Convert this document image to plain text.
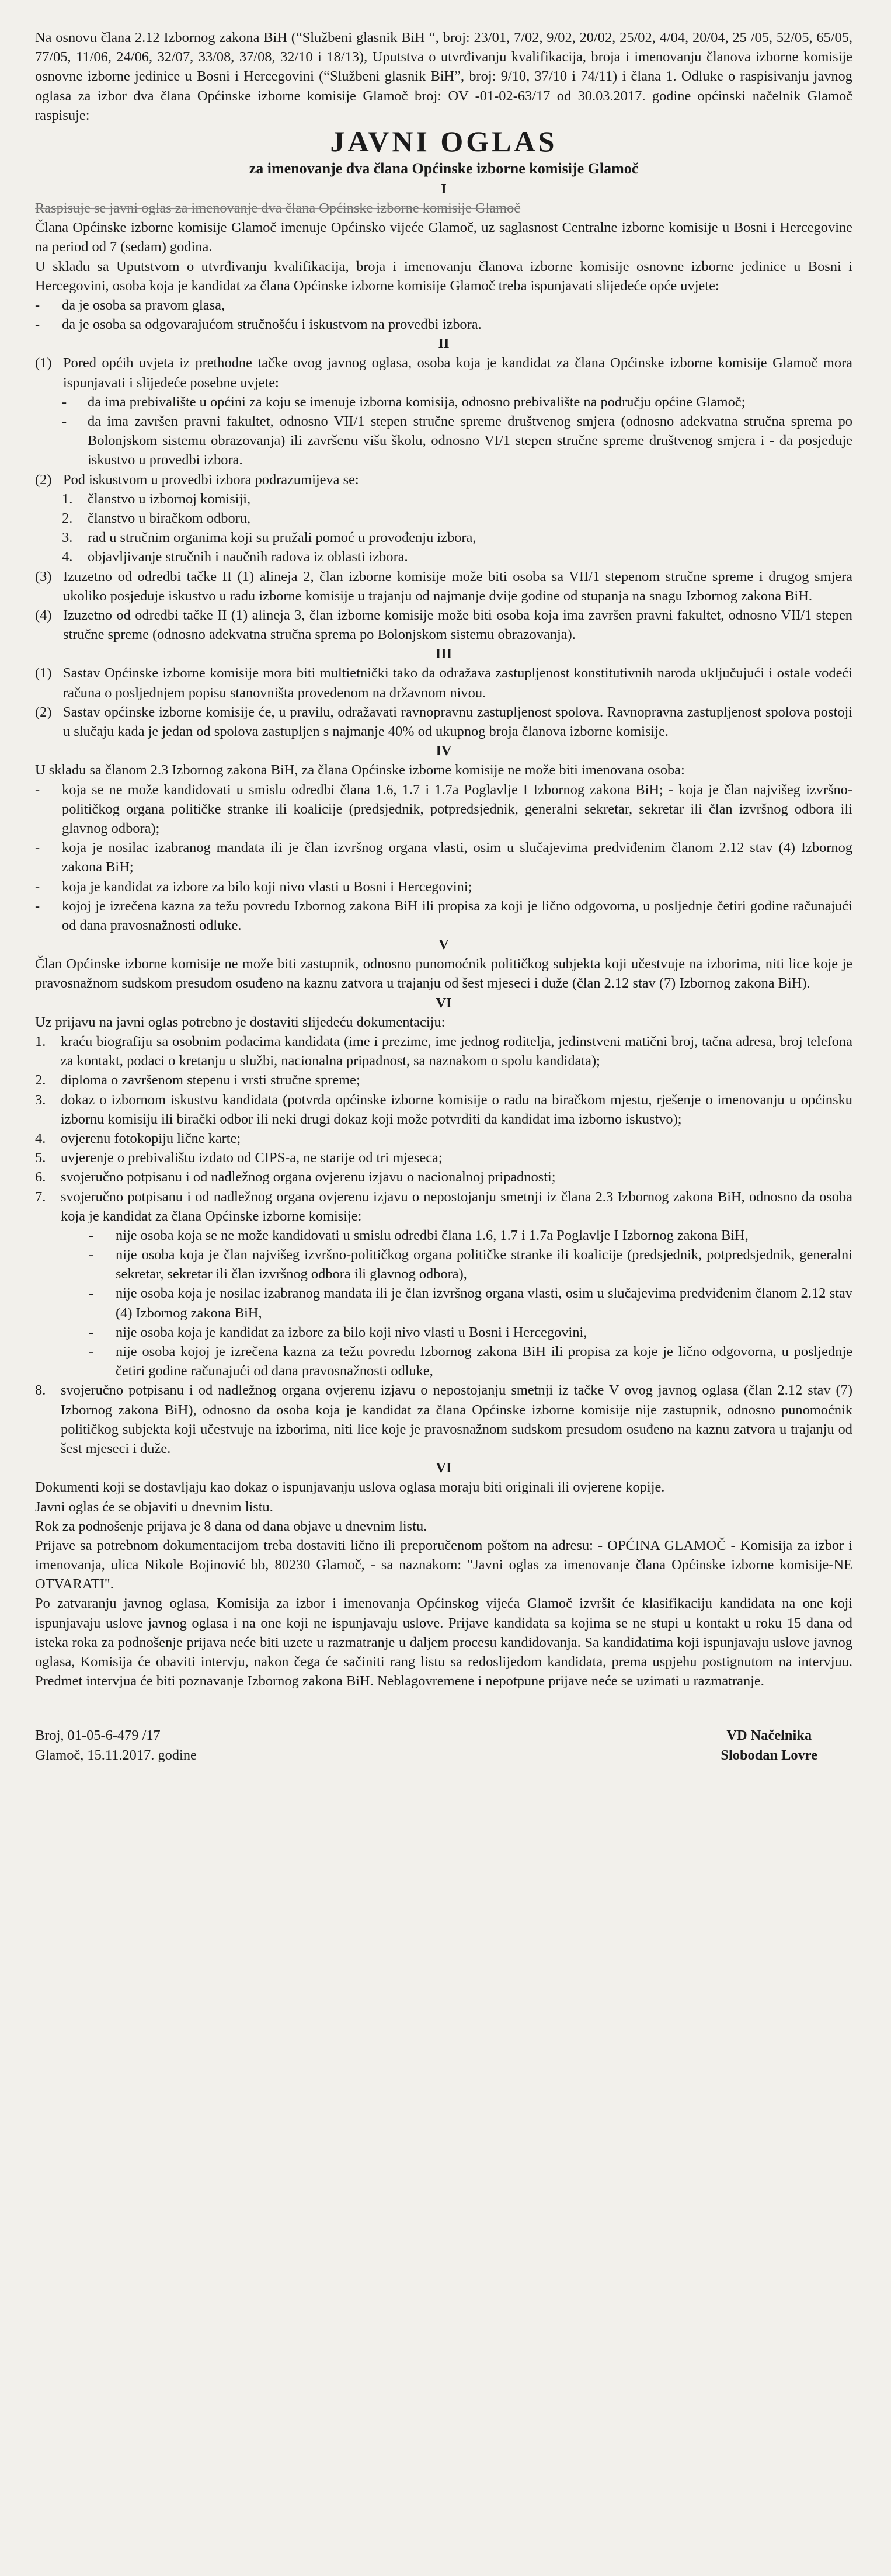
Na osnovu člana 2.12 Izbornog zakona BiH (“Službeni glasnik BiH “, broj: 23/01, 7/02, 9/02, 20/02, 25/02, 4/04, 20/04, 25 /05, 52/05, 65/05, 77/05, 11/06, 24/06, 32/07, 33/08, 37/08, 32/10 i 18/13), Uputstva o utvrđivanju kvalifikacija, broja i imenovanju članova izborne komisije osnovne izborne jedinice u Bosni i Hercegovini (“Službeni glasnik BiH”, broj: 9/10, 37/10 i 74/11) i člana 1. Odluke o raspisivanju javnog oglasa za izbor dva člana Općinske izborne komisije Glamoč broj: OV -01-02-63/17 od 30.03.2017. godine općinski načelnik Glamoč raspisuje:

JAVNI OGLAS

za imenovanje dva člana Općinske izborne komisije Glamoč

I

Raspisuje se javni oglas za imenovanje dva člana Općinske izborne komisije Glamoč

Člana Općinske izborne komisije Glamoč imenuje Općinsko vijeće Glamoč, uz saglasnost Centralne izborne komisije u Bosni i Hercegovine na period od 7 (sedam) godina.

U skladu sa Uputstvom o utvrđivanju kvalifikacija, broja i imenovanju članova izborne komisije osnovne izborne jedinice u Bosni i Hercegovini, osoba koja je kandidat za člana Općinske izborne komisije Glamoč treba ispunjavati slijedeće opće uvjete:

-	da je osoba sa pravom glasa,
-	da je osoba sa odgovarajućom stručnošću i iskustvom na provedbi izbora.

II

(1) Pored općih uvjeta iz prethodne tačke ovog javnog oglasa, osoba koja je kandidat za člana Općinske izborne komisije Glamoč mora ispunjavati i slijedeće posebne uvjete:
-	da ima prebivalište u općini za koju se imenuje izborna komisija, odnosno prebivalište na području općine Glamoč;
-	da ima završen pravni fakultet, odnosno VII/1 stepen stručne spreme društvenog smjera (odnosno adekvatna stručna sprema po Bolonjskom sistemu obrazovanja) ili završenu višu školu, odnosno VI/1 stepen stručne spreme društvenog smjera i - da posjeduje iskustvo u provedbi izbora.
(2) Pod iskustvom u provedbi izbora podrazumijeva se:
1.	članstvo u izbornoj komisiji,
2.	članstvo u biračkom odboru,
3.	rad u stručnim organima koji su pružali pomoć u provođenju izbora,
4.	objavljivanje stručnih i naučnih radova iz oblasti izbora.
(3) Izuzetno od odredbi tačke II (1) alineja 2, član izborne komisije može biti osoba sa VII/1 stepenom stručne spreme i drugog smjera ukoliko posjeduje iskustvo u radu izborne komisije u trajanju od najmanje dvije godine od stupanja na snagu Izbornog zakona BiH.
(4) Izuzetno od odredbi tačke II (1) alineja 3, član izborne komisije može biti osoba koja ima završen pravni fakultet, odnosno VII/1 stepen stručne spreme (odnosno adekvatna stručna sprema po Bolonjskom sistemu obrazovanja).

III

(1) Sastav Općinske izborne komisije mora biti multietnički tako da odražava zastupljenost konstitutivnih naroda uključujući i ostale vodeći računa o posljednjem popisu stanovništa provedenom na državnom nivou.
(2) Sastav općinske izborne komisije će, u pravilu, odražavati ravnopravnu zastupljenost spolova. Ravnopravna zastupljenost spolova postoji u slučaju kada je jedan od spolova zastupljen s najmanje 40% od ukupnog broja članova izborne komisije.

IV

U skladu sa članom 2.3 Izbornog zakona BiH, za člana Općinske izborne komisije ne može biti imenovana osoba:

-	koja se ne može kandidovati u smislu odredbi člana 1.6, 1.7 i 1.7a Poglavlje I Izbornog zakona BiH; - koja je član najvišeg izvršno-političkog organa političke stranke ili koalicije (predsjednik, potpredsjednik, generalni sekretar, sekretar ili član izvršnog odbora ili glavnog odbora);
-	koja je nosilac izabranog mandata ili je član izvršnog organa vlasti, osim u slučajevima predviđenim članom 2.12 stav (4) Izbornog zakona BiH;
-	koja je kandidat za izbore za bilo koji nivo vlasti u Bosni i Hercegovini;
-	kojoj je izrečena kazna za težu povredu Izbornog zakona BiH ili propisa za koji je lično odgovorna, u posljednje četiri godine računajući od dana pravosnažnosti odluke.

V

Član Općinske izborne komisije ne može biti zastupnik, odnosno punomoćnik političkog subjekta koji učestvuje na izborima, niti lice koje je pravosnažnom sudskom presudom osuđeno na kaznu zatvora u trajanju od šest mjeseci i duže (član 2.12 stav (7) Izbornog zakona BiH).

VI

Uz prijavu na javni oglas potrebno je dostaviti slijedeću dokumentaciju:

1.	kraću biografiju sa osobnim podacima kandidata (ime i prezime, ime jednog roditelja, jedinstveni matični broj, tačna adresa, broj telefona za kontakt, podaci o kretanju u službi, nacionalna pripadnost, sa naznakom o spolu kandidata);
2.	diploma o završenom stepenu i vrsti stručne spreme;
3.	dokaz o izbornom iskustvu kandidata (potvrda općinske izborne komisije o radu na biračkom mjestu, rješenje o imenovanju u općinsku izbornu komisiju ili birački odbor ili neki drugi dokaz koji može potvrditi da kandidat ima izborno iskustvo);
4.	ovjerenu fotokopiju lične karte;
5.	uvjerenje o prebivalištu izdato od CIPS-a, ne starije od tri mjeseca;
6.	svojeručno potpisanu i od nadležnog organa ovjerenu izjavu o nacionalnoj pripadnosti;
7.	svojeručno potpisanu i od nadležnog organa ovjerenu izjavu o nepostojanju smetnji iz člana 2.3 Izbornog zakona BiH, odnosno da osoba koja je kandidat za člana Općinske izborne komisije:
-	nije osoba koja se ne može kandidovati u smislu odredbi člana 1.6, 1.7 i 1.7a Poglavlje I Izbornog zakona BiH,
-	nije osoba koja je član najvišeg izvršno-političkog organa političke stranke ili koalicije (predsjednik, potpredsjednik, generalni sekretar, sekretar ili član izvršnog odbora ili glavnog odbora),
-	nije osoba koja je nosilac izabranog mandata ili je član izvršnog organa vlasti, osim u slučajevima predviđenim članom 2.12 stav (4) Izbornog zakona BiH,
-	nije osoba koja je kandidat za izbore za bilo koji nivo vlasti u Bosni i Hercegovini,
-	nije osoba kojoj je izrečena kazna za težu povredu Izbornog zakona BiH ili propisa za koje je lično odgovorna, u posljednje četiri godine računajući od dana pravosnažnosti odluke,
8.	svojeručno potpisanu i od nadležnog organa ovjerenu izjavu o nepostojanju smetnji iz tačke V ovog javnog oglasa (član 2.12 stav (7) Izbornog zakona BiH), odnosno da osoba koja je kandidat za člana Općinske izborne komisije nije zastupnik, odnosno punomoćnik političkog subjekta koji učestvuje na izborima, niti lice koje je pravosnažnom sudskom presudom osuđeno na kaznu zatvora u trajanju od šest mjeseci i duže.

VI

Dokumenti koji se dostavljaju kao dokaz o ispunjavanju uslova oglasa moraju biti originali ili ovjerene kopije.

Javni oglas će se objaviti u dnevnim listu.

Rok za podnošenje prijava je 8 dana od dana objave u dnevnim listu.

Prijave sa potrebnom dokumentacijom treba dostaviti lično ili preporučenom poštom na adresu: - OPĆINA GLAMOČ - Komisija za izbor i imenovanja, ulica Nikole Bojinović bb, 80230 Glamoč, - sa naznakom: "Javni oglas za imenovanje člana Općinske izborne komisije-NE OTVARATI".

Po zatvaranju javnog oglasa, Komisija za izbor i imenovanja Općinskog vijeća Glamoč izvršit će klasifikaciju kandidata na one koji ispunjavaju uslove javnog oglasa i na one koji ne ispunjavaju uslove. Prijave kandidata sa kojima se ne stupi u kontakt u roku 15 dana od isteka roka za podnošenje prijava neće biti uzete u razmatranje u daljem procesu kandidovanja. Sa kandidatima koji ispunjavaju uslove javnog oglasa, Komisija će obaviti intervju, nakon čega će sačiniti rang listu sa redoslijedom kandidata, prema uspjehu postignutom na intervjuu. Predmet intervjua će biti poznavanje Izbornog zakona BiH. Neblagovremene i nepotpune prijave neće se uzimati u razmatranje.

Broj, 01-05-6-479 /17

Glamoč, 15.11.2017. godine

VD Načelnika

Slobodan Lovre
